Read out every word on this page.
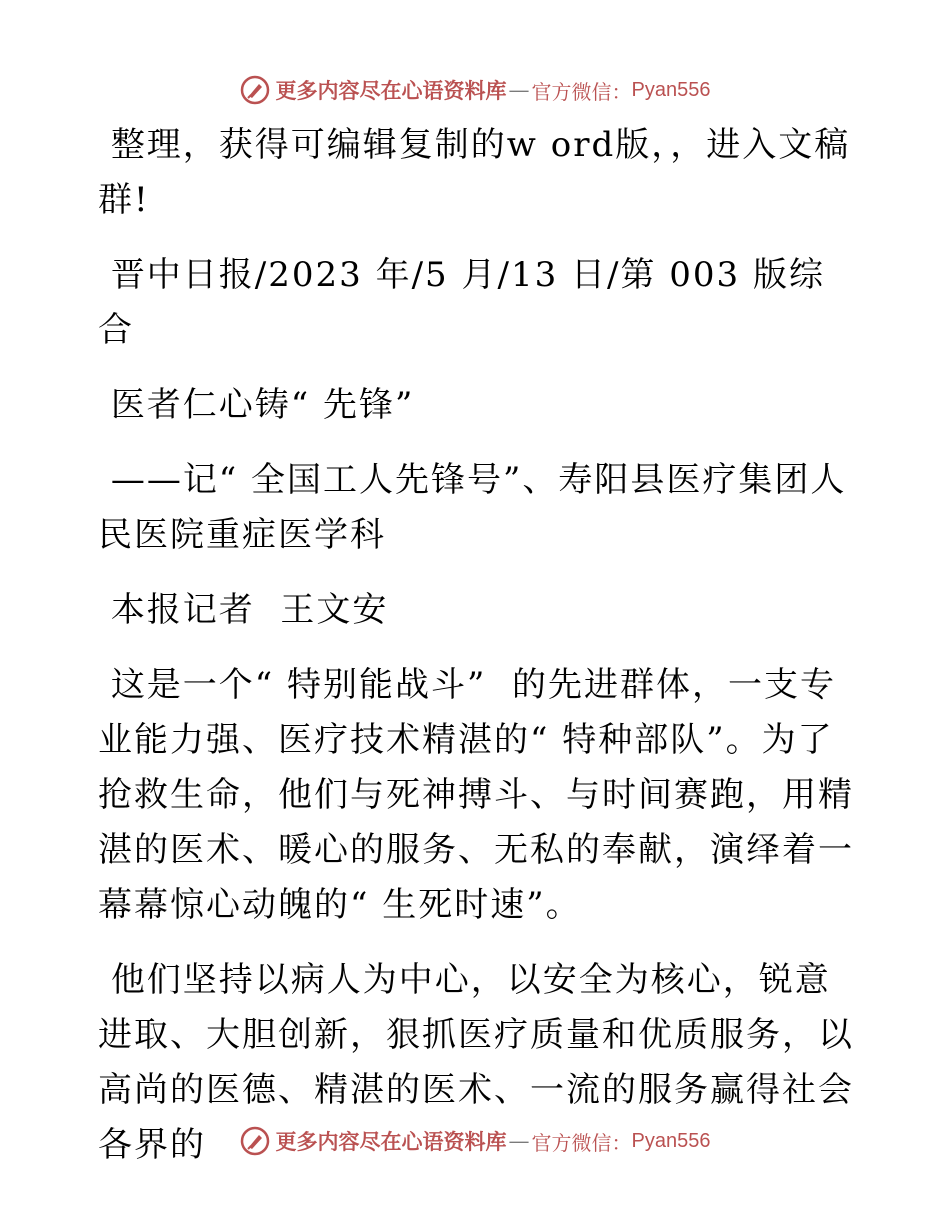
更多内容尽在心语资料库 — 官方微信： Pyan556

整理，获得可编辑复制的w ord版，，进入文稿群!

晋中日报/2023 年/5 月/13 日/第 003 版综合

医者仁心铸“ 先锋”

——记“ 全国工人先锋号”、寿阳县医疗集团人民医院重症医学科

本报记者  王文安

这是一个“ 特别能战斗”  的先进群体，一支专业能力强、医疗技术精湛的“ 特种部队”。为了抢救生命，他们与死神搏斗、与时间赛跑，用精湛的医术、暖心的服务、无私的奉献，演绎着一幕幕惊心动魄的“ 生死时速”。

他们坚持以病人为中心，以安全为核心，锐意进取、大胆创新，狠抓医疗质量和优质服务，以高尚的医德、精湛的医术、一流的服务赢得社会各界的	更多内容尽在心语资料库 — 官方微信： Pyan556
